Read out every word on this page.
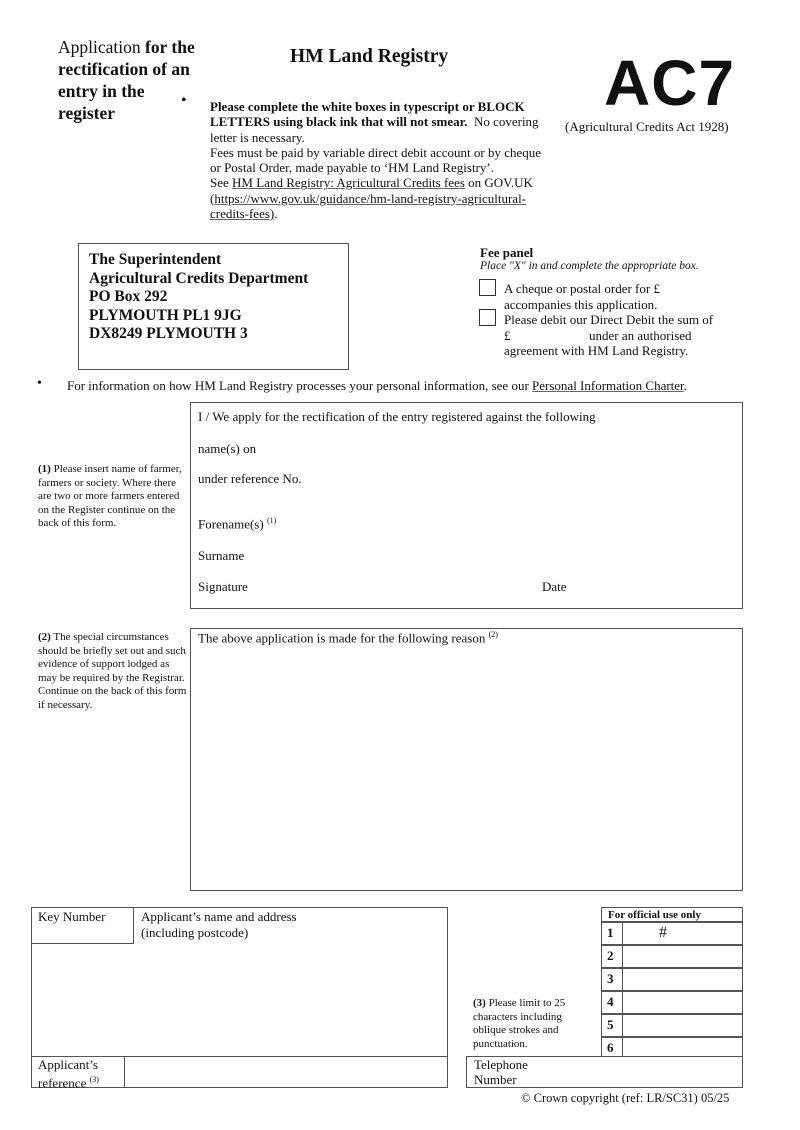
Application for the rectification of an entry in the register
HM Land Registry AC7
(Agricultural Credits Act 1928)
• Please complete the white boxes in typescript or BLOCK LETTERS using black ink that will not smear. No covering letter is necessary.
Fees must be paid by variable direct debit account or by cheque or Postal Order, made payable to ‘HM Land Registry’.
See HM Land Registry: Agricultural Credits fees on GOV.UK (https://www.gov.uk/guidance/hm-land-registry-agricultural-credits-fees).
The Superintendent
Agricultural Credits Department
PO Box 292
PLYMOUTH PL1 9JG
DX8249 PLYMOUTH 3
Fee panel
Place "X" in and complete the appropriate box.
A cheque or postal order for £
accompanies this application.
Please debit our Direct Debit the sum of
£	under an authorised
agreement with HM Land Registry.
• For information on how HM Land Registry processes your personal information, see our Personal Information Charter.
(1) Please insert name of farmer, farmers or society. Where there are two or more farmers entered on the Register continue on the back of this form.
I / We apply for the rectification of the entry registered against the following
name(s) on
under reference No.
Forename(s) $^{(1)}$
Surname
Signature	Date
(2) The special circumstances should be briefly set out and such evidence of support lodged as may be required by the Registrar. Continue on the back of this form if necessary.
The above application is made for the following reason $^{(2)}$
Key Number	Applicant’s name and address (including postcode)
Applicant’s reference $^{(3)}$
(3) Please limit to 25 characters including oblique strokes and punctuation.
For official use only
1	#
2
3
4
5
6
Telephone Number
© Crown copyright (ref: LR/SC31) 05/25
